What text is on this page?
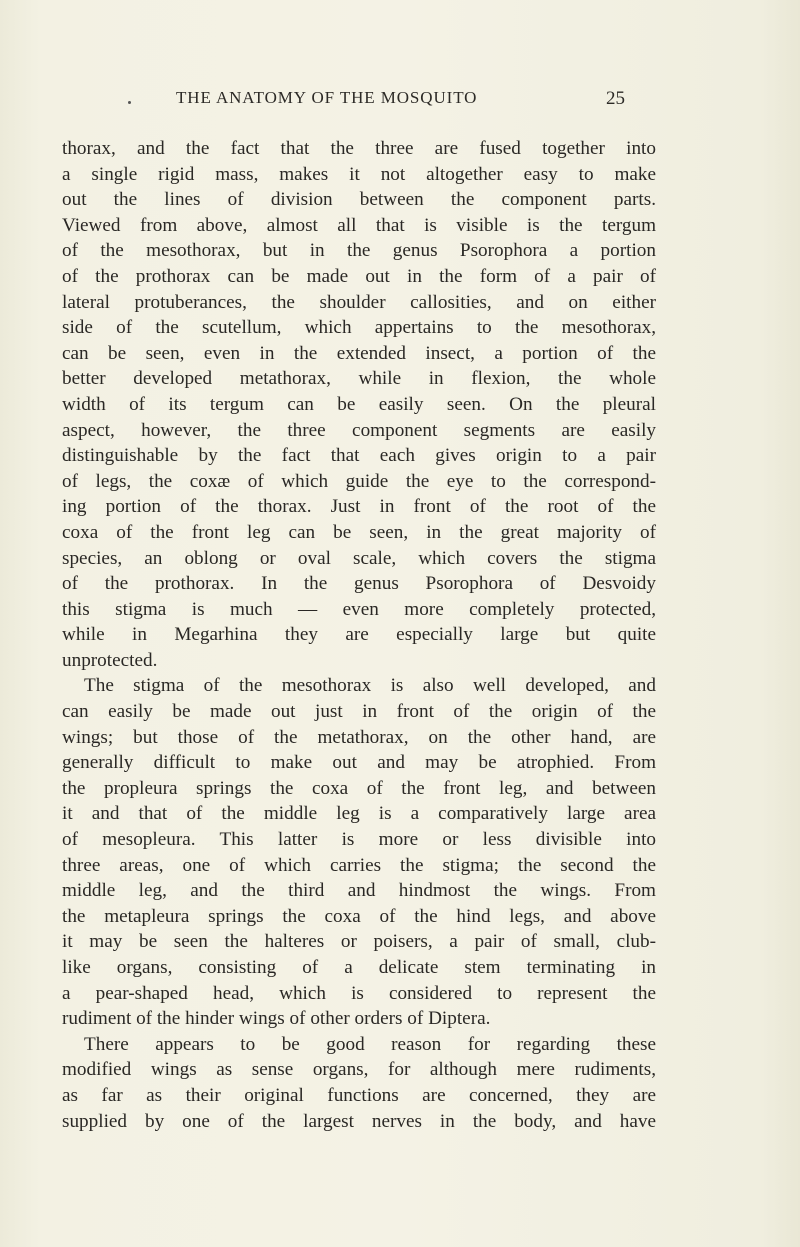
THE ANATOMY OF THE MOSQUITO	25
thorax, and the fact that the three are fused together into
a single rigid mass, makes it not altogether easy to make
out the lines of division between the component parts.
Viewed from above, almost all that is visible is the tergum
of the mesothorax, but in the genus Psorophora a portion
of the prothorax can be made out in the form of a pair of
lateral protuberances, the shoulder callosities, and on either
side of the scutellum, which appertains to the mesothorax,
can be seen, even in the extended insect, a portion of the
better developed metathorax, while in flexion, the whole
width of its tergum can be easily seen. On the pleural
aspect, however, the three component segments are easily
distinguishable by the fact that each gives origin to a pair
of legs, the coxæ of which guide the eye to the correspond-
ing portion of the thorax. Just in front of the root of the
coxa of the front leg can be seen, in the great majority of
species, an oblong or oval scale, which covers the stigma
of the prothorax. In the genus Psorophora of Desvoidy
this stigma is much — even more completely protected,
while in Megarhina they are especially large but quite
unprotected.
The stigma of the mesothorax is also well developed, and
can easily be made out just in front of the origin of the
wings; but those of the metathorax, on the other hand, are
generally difficult to make out and may be atrophied. From
the propleura springs the coxa of the front leg, and between
it and that of the middle leg is a comparatively large area
of mesopleura. This latter is more or less divisible into
three areas, one of which carries the stigma; the second the
middle leg, and the third and hindmost the wings. From
the metapleura springs the coxa of the hind legs, and above
it may be seen the halteres or poisers, a pair of small, club-
like organs, consisting of a delicate stem terminating in
a pear-shaped head, which is considered to represent the
rudiment of the hinder wings of other orders of Diptera.
There appears to be good reason for regarding these
modified wings as sense organs, for although mere rudiments,
as far as their original functions are concerned, they are
supplied by one of the largest nerves in the body, and have
